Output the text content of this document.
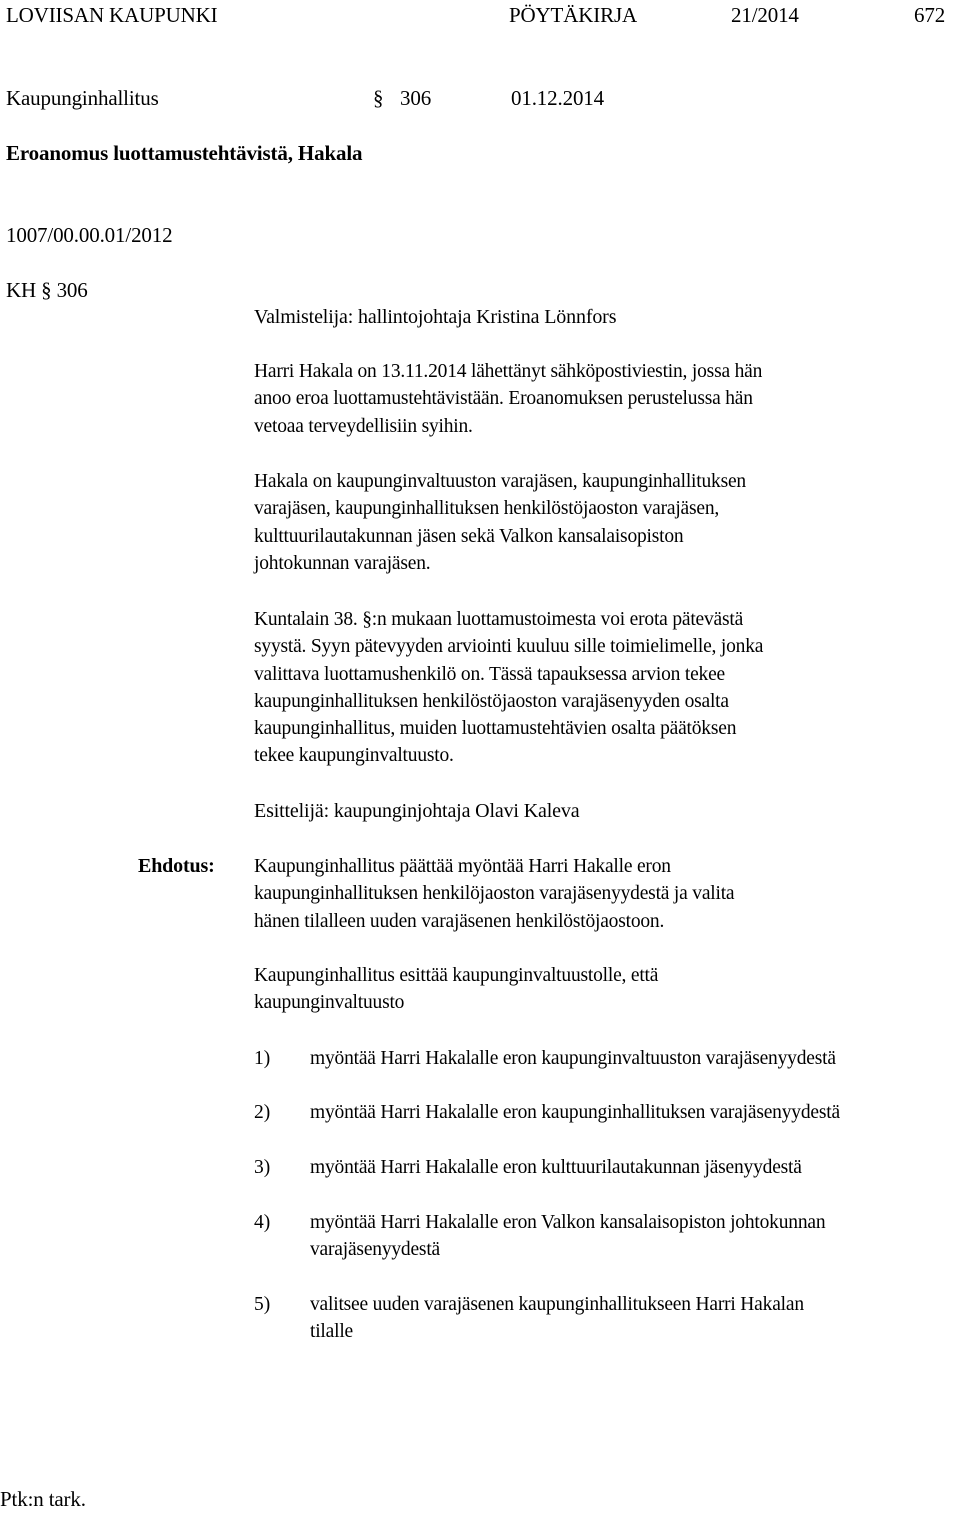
LOVIISAN KAUPUNKI	PÖYTÄKIRJA	21/2014	672
Kaupunginhallitus	§ 306	01.12.2014
Eroanomus luottamustehtävistä, Hakala
1007/00.00.01/2012
KH § 306
Valmistelija: hallintojohtaja Kristina Lönnfors

Harri Hakala on 13.11.2014 lähettänyt sähköpostiviestin, jossa hän

anoo eroa luottamustehtävistään. Eroanomuksen perustelussa hän

vetoaa terveydellisiin syihin.

Hakala on kaupunginvaltuuston varajäsen, kaupunginhallituksen

varajäsen, kaupunginhallituksen henkilöstöjaoston varajäsen,

kulttuurilautakunnan jäsen sekä Valkon kansalaisopiston

johtokunnan varajäsen.

Kuntalain 38. §:n mukaan luottamustoimesta voi erota pätevästä

syystä. Syyn pätevyyden arviointi kuuluu sille toimielimelle, jonka

valittava luottamushenkilö on. Tässä tapauksessa arvion tekee

kaupunginhallituksen henkilöstöjaoston varajäsenyyden osalta

kaupunginhallitus, muiden luottamustehtävien osalta päätöksen

tekee kaupunginvaltuusto.

Esittelijä: kaupunginjohtaja Olavi Kaleva
Ehdotus: Kaupunginhallitus päättää myöntää Harri Hakalle eron

kaupunginhallituksen henkilöjaoston varajäsenyydestä ja valita

hänen tilalleen uuden varajäsenen henkilöstöjaostoon.

Kaupunginhallitus esittää kaupunginvaltuustolle, että

kaupunginvaltuusto

1) myöntää Harri Hakalalle eron kaupunginvaltuuston varajäsenyydestä
2) myöntää Harri Hakalalle eron kaupunginhallituksen varajäsenyydestä
3) myöntää Harri Hakalalle eron kulttuurilautakunnan jäsenyydestä
4) myöntää Harri Hakalalle eron Valkon kansalaisopiston johtokunnan
varajäsenyydestä
5) valitsee uuden varajäsenen kaupunginhallitukseen Harri Hakalan
tilalle
Ptk:n tark.
